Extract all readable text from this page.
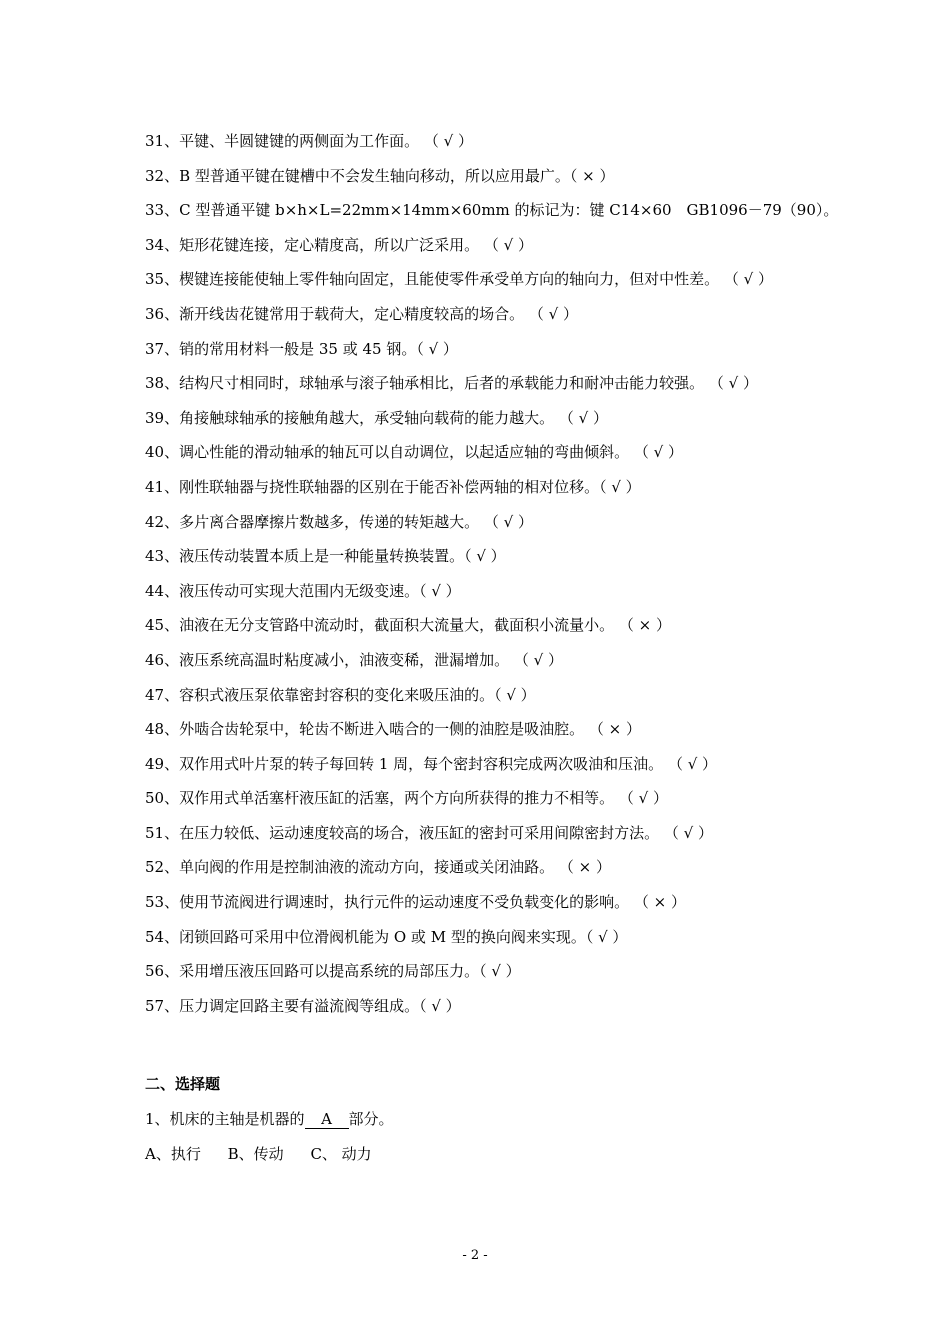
31、平键、半圆键键的两侧面为工作面。 （ √ ）
32、B 型普通平键在键槽中不会发生轴向移动，所以应用最广。（ × ）
33、C 型普通平键 b×h×L=22mm×14mm×60mm 的标记为：键 C14×60　GB1096－79（90）。
34、矩形花键连接，定心精度高，所以广泛采用。 （ √ ）
35、楔键连接能使轴上零件轴向固定，且能使零件承受单方向的轴向力，但对中性差。 （ √ ）
36、渐开线齿花键常用于载荷大，定心精度较高的场合。 （ √ ）
37、销的常用材料一般是 35 或 45 钢。（ √ ）
38、结构尺寸相同时，球轴承与滚子轴承相比，后者的承载能力和耐冲击能力较强。 （ √ ）
39、角接触球轴承的接触角越大，承受轴向载荷的能力越大。 （ √ ）
40、调心性能的滑动轴承的轴瓦可以自动调位，以起适应轴的弯曲倾斜。 （ √ ）
41、刚性联轴器与挠性联轴器的区别在于能否补偿两轴的相对位移。（ √ ）
42、多片离合器摩擦片数越多，传递的转矩越大。 （ √ ）
43、液压传动装置本质上是一种能量转换装置。（ √ ）
44、液压传动可实现大范围内无级变速。（ √ ）
45、油液在无分支管路中流动时，截面积大流量大，截面积小流量小。 （ × ）
46、液压系统高温时粘度减小，油液变稀，泄漏增加。 （ √ ）
47、容积式液压泵依靠密封容积的变化来吸压油的。（ √ ）
48、外啮合齿轮泵中，轮齿不断进入啮合的一侧的油腔是吸油腔。 （ × ）
49、双作用式叶片泵的转子每回转 1 周，每个密封容积完成两次吸油和压油。 （ √ ）
50、双作用式单活塞杆液压缸的活塞，两个方向所获得的推力不相等。 （ √ ）
51、在压力较低、运动速度较高的场合，液压缸的密封可采用间隙密封方法。 （ √ ）
52、单向阀的作用是控制油液的流动方向，接通或关闭油路。 （ × ）
53、使用节流阀进行调速时，执行元件的运动速度不受负载变化的影响。 （ × ）
54、闭锁回路可采用中位滑阀机能为 O 或 M 型的换向阀来实现。（ √ ）
56、采用增压液压回路可以提高系统的局部压力。（ √ ）
57、压力调定回路主要有溢流阀等组成。（ √ ）
二、选择题
1、机床的主轴是机器的 A 部分。
A、执行 B、传动 C、 动力
- 2 -
